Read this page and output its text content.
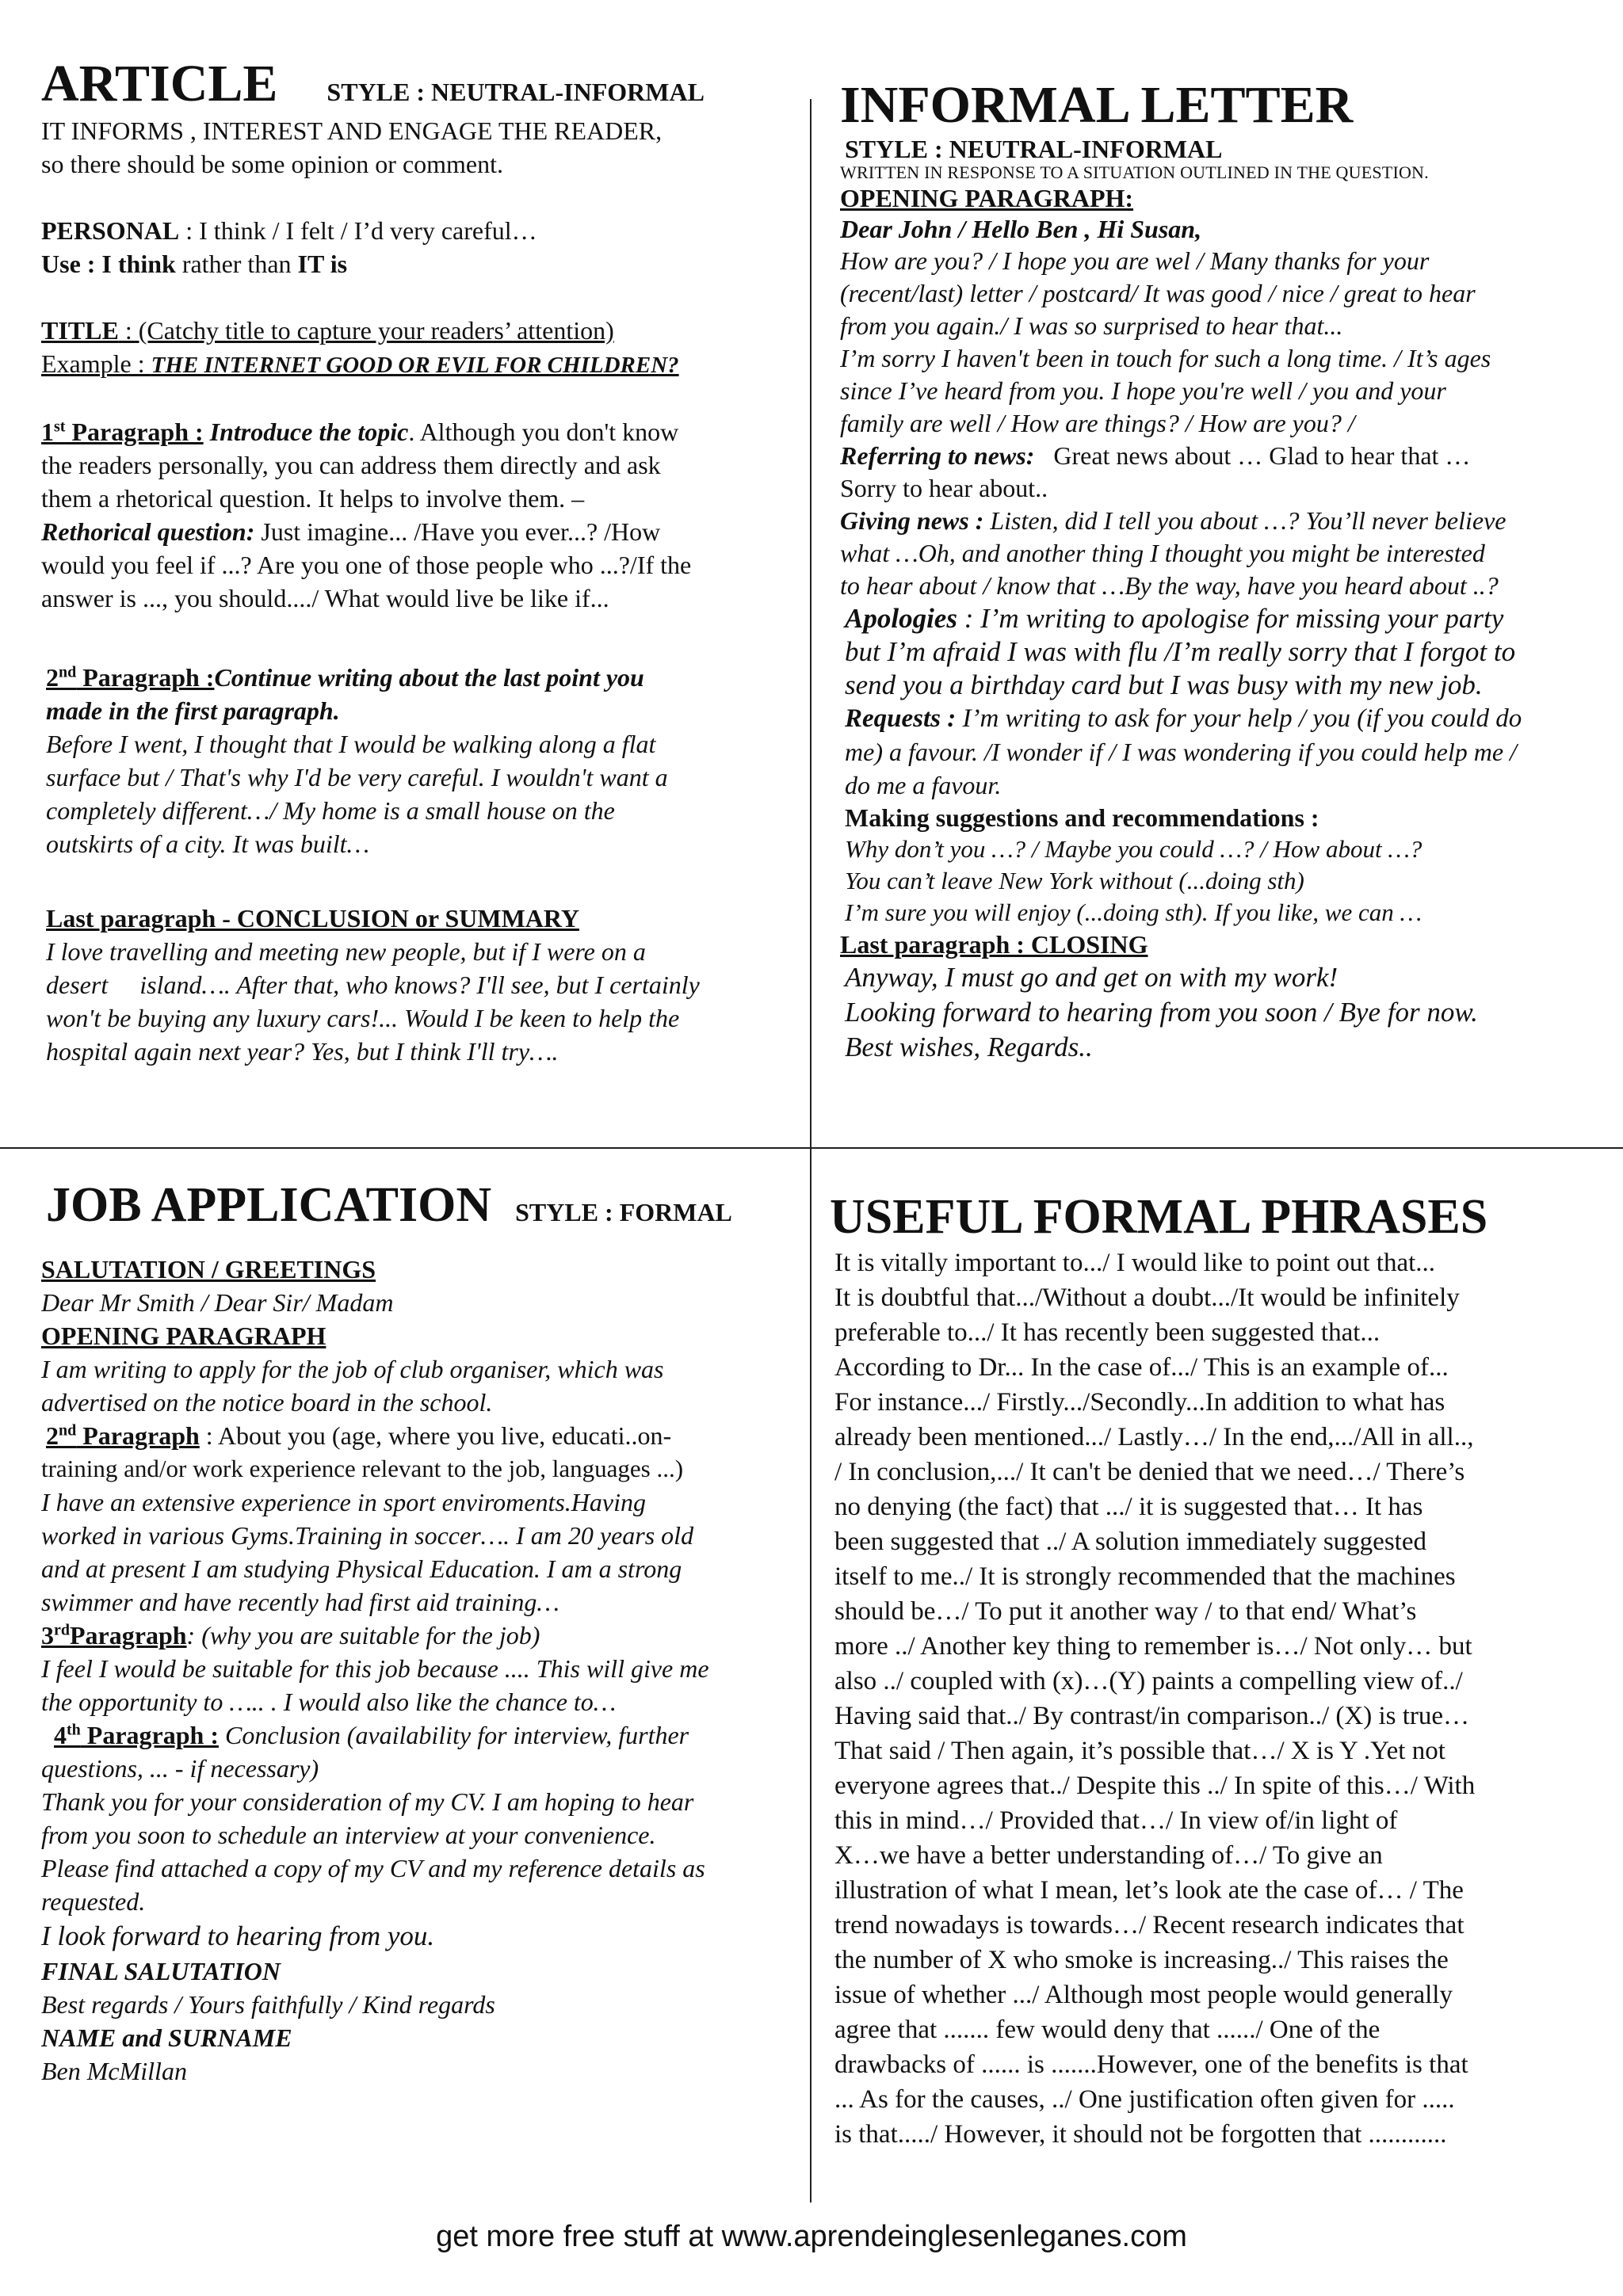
ARTICLE STYLE : NEUTRAL-INFORMAL

IT INFORMS , INTEREST AND ENGAGE THE READER,

so there should be some opinion or comment.

PERSONAL : I think / I felt / I’d very careful…

Use : I think rather than IT is

TITLE : (Catchy title to capture your readers’ attention)

Example : THE INTERNET GOOD OR EVIL FOR CHILDREN?

1st Paragraph : Introduce the topic. Although you don't know

the readers personally, you can address them directly and ask

them a rhetorical question. It helps to involve them. –

Rethorical question: Just imagine... /Have you ever...? /How

would you feel if ...? Are you one of those people who ...?/If the

answer is ..., you should..../ What would live be like if...

2nd Paragraph :Continue writing about the last point you

made in the first paragraph.

Before I went, I thought that I would be walking along a flat

surface but / That's why I'd be very careful. I wouldn't want a

completely different…/ My home is a small house on the

outskirts of a city. It was built…

Last paragraph - CONCLUSION or SUMMARY

I love travelling and meeting new people, but if I were on a

desert     island…. After that, who knows? I'll see, but I certainly

won't be buying any luxury cars!... Would I be keen to help the

hospital again next year? Yes, but I think I'll try….

INFORMAL LETTER

STYLE : NEUTRAL-INFORMAL

WRITTEN IN RESPONSE TO A SITUATION OUTLINED IN THE QUESTION.

OPENING PARAGRAPH:

Dear John / Hello Ben , Hi Susan,

How are you? / I hope you are wel / Many thanks for your

(recent/last) letter / postcard/ It was good / nice / great to hear

from you again./ I was so surprised to hear that...

I’m sorry I haven't been in touch for such a long time. / It’s ages

since I’ve heard from you. I hope you're well / you and your

family are well / How are things? / How are you? /

Referring to news:   Great news about … Glad to hear that …

Sorry to hear about..

Giving news : Listen, did I tell you about …? You’ll never believe

what …Oh, and another thing I thought you might be interested

to hear about / know that …By the way, have you heard about ..?

Apologies : I’m writing to apologise for missing your party

but I’m afraid I was with flu /I’m really sorry that I forgot to

send you a birthday card but I was busy with my new job.

Requests : I’m writing to ask for your help / you (if you could do

me) a favour. /I wonder if / I was wondering if you could help me /

do me a favour.

Making suggestions and recommendations :

Why don’t you …? / Maybe you could …? / How about …?

You can’t leave New York without (...doing sth)

I’m sure you will enjoy (...doing sth). If you like, we can …

Last paragraph : CLOSING

Anyway, I must go and get on with my work!

Looking forward to hearing from you soon / Bye for now.

Best wishes, Regards..

JOB APPLICATION STYLE : FORMAL

SALUTATION / GREETINGS

Dear Mr Smith / Dear Sir/ Madam

OPENING PARAGRAPH

I am writing to apply for the job of club organiser, which was

advertised on the notice board in the school.

2nd Paragraph : About you (age, where you live, educati..on-

training and/or work experience relevant to the job, languages ...)

I have an extensive experience in sport enviroments.Having

worked in various Gyms.Training in soccer…. I am 20 years old

and at present I am studying Physical Education. I am a strong

swimmer and have recently had first aid training…

3rdParagraph: (why you are suitable for the job)

I feel I would be suitable for this job because .... This will give me

the opportunity to ….. . I would also like the chance to…

4th Paragraph : Conclusion (availability for interview, further

questions, ... - if necessary)

Thank you for your consideration of my CV. I am hoping to hear

from you soon to schedule an interview at your convenience.

Please find attached a copy of my CV and my reference details as

requested.

I look forward to hearing from you.

FINAL SALUTATION

Best regards / Yours faithfully / Kind regards

NAME and SURNAME

Ben McMillan

USEFUL FORMAL PHRASES

It is vitally important to.../ I would like to point out that...

It is doubtful that.../Without a doubt.../It would be infinitely

preferable to.../ It has recently been suggested that...

According to Dr... In the case of.../ This is an example of...

For instance.../ Firstly.../Secondly...In addition to what has

already been mentioned.../ Lastly…/ In the end,.../All in all..,

/ In conclusion,.../ It can't be denied that we need…/ There’s

no denying (the fact) that .../ it is suggested that… It has

been suggested that ../ A solution immediately suggested

itself to me../ It is strongly recommended that the machines

should be…/ To put it another way / to that end/ What’s

more ../ Another key thing to remember is…/ Not only… but

also ../ coupled with (x)…(Y) paints a compelling view of../

Having said that../ By contrast/in comparison../ (X) is true…

That said / Then again, it’s possible that…/ X is Y .Yet not

everyone agrees that../ Despite this ../ In spite of this…/ With

this in mind…/ Provided that…/ In view of/in light of

X…we have a better understanding of…/ To give an

illustration of what I mean, let’s look ate the case of… / The

trend nowadays is towards…/ Recent research indicates that

the number of X who smoke is increasing../ This raises the

issue of whether .../ Although most people would generally

agree that ....... few would deny that ....../ One of the

drawbacks of ...... is .......However, one of the benefits is that

... As for the causes, ../ One justification often given for .....

is that...../ However, it should not be forgotten that ............

get more free stuff at www.aprendeinglesenleganes.com
